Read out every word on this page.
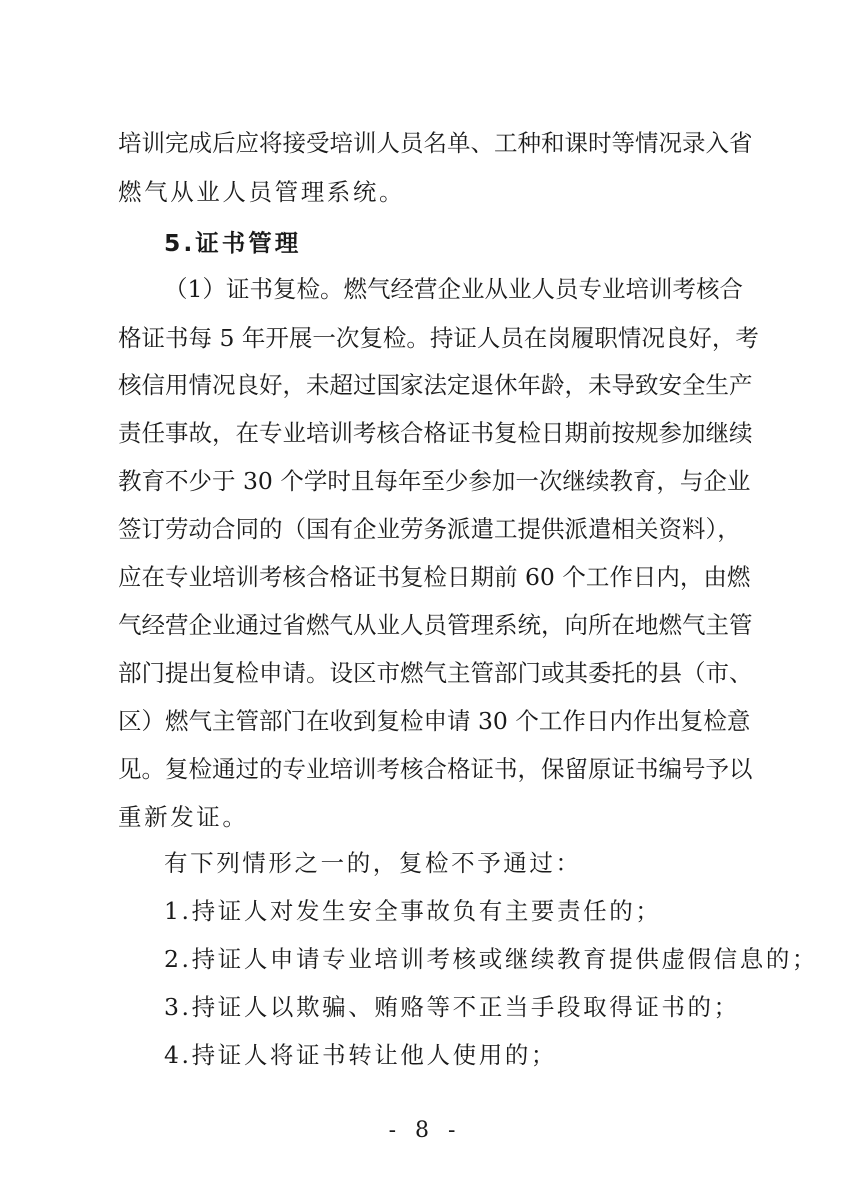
培训完成后应将接受培训人员名单、工种和课时等情况录入省
燃气从业人员管理系统。
5.证书管理
（1）证书复检。燃气经营企业从业人员专业培训考核合
格证书每 5 年开展一次复检。持证人员在岗履职情况良好，考
核信用情况良好，未超过国家法定退休年龄，未导致安全生产
责任事故，在专业培训考核合格证书复检日期前按规参加继续
教育不少于 30 个学时且每年至少参加一次继续教育，与企业
签订劳动合同的（国有企业劳务派遣工提供派遣相关资料），
应在专业培训考核合格证书复检日期前 60 个工作日内，由燃
气经营企业通过省燃气从业人员管理系统，向所在地燃气主管
部门提出复检申请。设区市燃气主管部门或其委托的县（市、
区）燃气主管部门在收到复检申请 30 个工作日内作出复检意
见。复检通过的专业培训考核合格证书，保留原证书编号予以
重新发证。
有下列情形之一的，复检不予通过：
1.持证人对发生安全事故负有主要责任的；
2.持证人申请专业培训考核或继续教育提供虚假信息的；
3.持证人以欺骗、贿赂等不正当手段取得证书的；
4.持证人将证书转让他人使用的；
- 8 -
